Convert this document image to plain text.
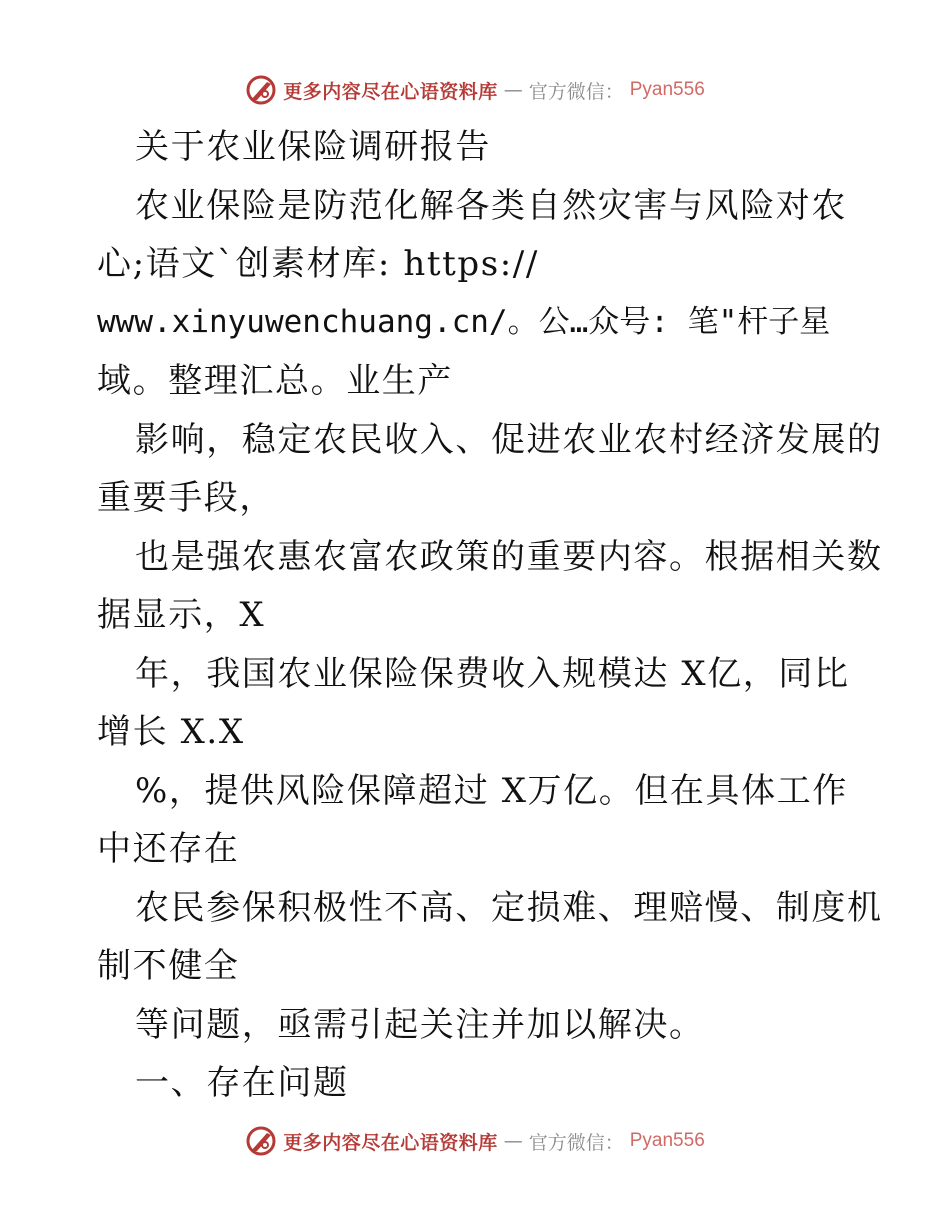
更多内容尽在心语资料库 — 官方微信： Pyan556
关于农业保险调研报告
农业保险是防范化解各类自然灾害与风险对农
心;语文`创素材库: https://
www.xinyuwenchuang.cn/。公…众号: 笔"杆子星
域。整理汇总。业生产
影响，稳定农民收入、促进农业农村经济发展的
重要手段，
也是强农惠农富农政策的重要内容。根据相关数
据显示，X
年，我国农业保险保费收入规模达 X亿，同比
增长 X.X
%，提供风险保障超过 X万亿。但在具体工作
中还存在
农民参保积极性不高、定损难、理赔慢、制度机
制不健全
等问题，亟需引起关注并加以解决。
一、存在问题
更多内容尽在心语资料库 — 官方微信： Pyan556
